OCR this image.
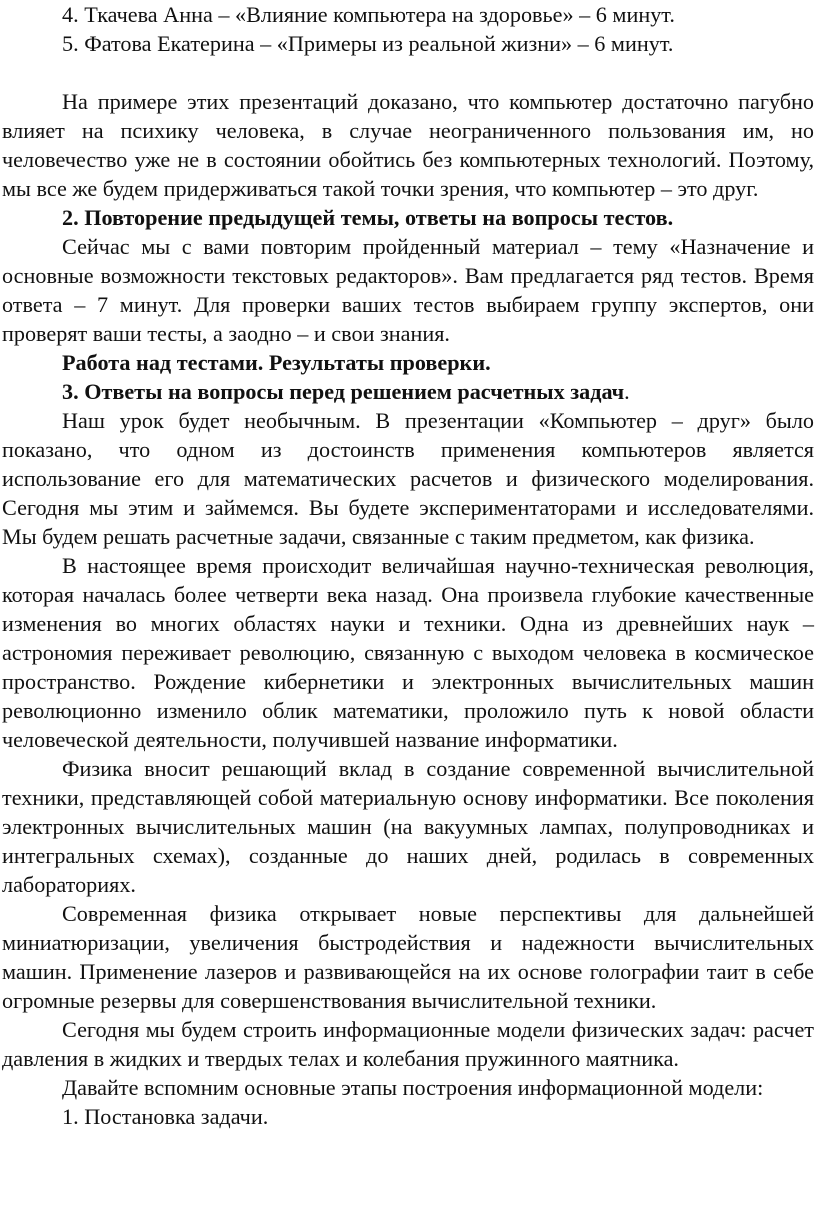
4. Ткачева Анна – «Влияние компьютера на здоровье» – 6 минут.

5. Фатова Екатерина – «Примеры из реальной жизни» – 6 минут.

На примере этих презентаций доказано, что компьютер достаточно пагубно влияет на психику человека, в случае неограниченного пользования им, но человечество уже не в состоянии обойтись без компьютерных технологий. Поэтому, мы все же будем придерживаться такой точки зрения, что компьютер – это друг.

2. Повторение предыдущей темы, ответы на вопросы тестов.

Сейчас мы с вами повторим пройденный материал – тему «Назначение и основные возможности текстовых редакторов». Вам предлагается ряд тестов. Время ответа – 7 минут. Для проверки ваших тестов выбираем группу экспертов, они проверят ваши тесты, а заодно – и свои знания.

Работа над тестами. Результаты проверки.

3. Ответы на вопросы перед решением расчетных задач.

Наш урок будет необычным. В презентации «Компьютер – друг» было показано, что одном из достоинств применения компьютеров является использование его для математических расчетов и физического моделирования. Сегодня мы этим и займемся. Вы будете экспериментаторами и исследователями. Мы будем решать расчетные задачи, связанные с таким предметом, как физика.

В настоящее время происходит величайшая научно-техническая революция, которая началась более четверти века назад. Она произвела глубокие качественные изменения во многих областях науки и техники. Одна из древнейших наук – астрономия переживает революцию, связанную с выходом человека в космическое пространство. Рождение кибернетики и электронных вычислительных машин революционно изменило облик математики, проложило путь к новой области человеческой деятельности, получившей название информатики.

Физика вносит решающий вклад в создание современной вычислительной техники, представляющей собой материальную основу информатики. Все поколения электронных вычислительных машин (на вакуумных лампах, полупроводниках и интегральных схемах), созданные до наших дней, родилась в современных лабораториях.

Современная физика открывает новые перспективы для дальнейшей миниатюризации, увеличения быстродействия и надежности вычислительных машин. Применение лазеров и развивающейся на их основе голографии таит в себе огромные резервы для совершенствования вычислительной техники.

Сегодня мы будем строить информационные модели физических задач: расчет давления в жидких и твердых телах и колебания пружинного маятника.

Давайте вспомним основные этапы построения информационной модели:

1. Постановка задачи.
